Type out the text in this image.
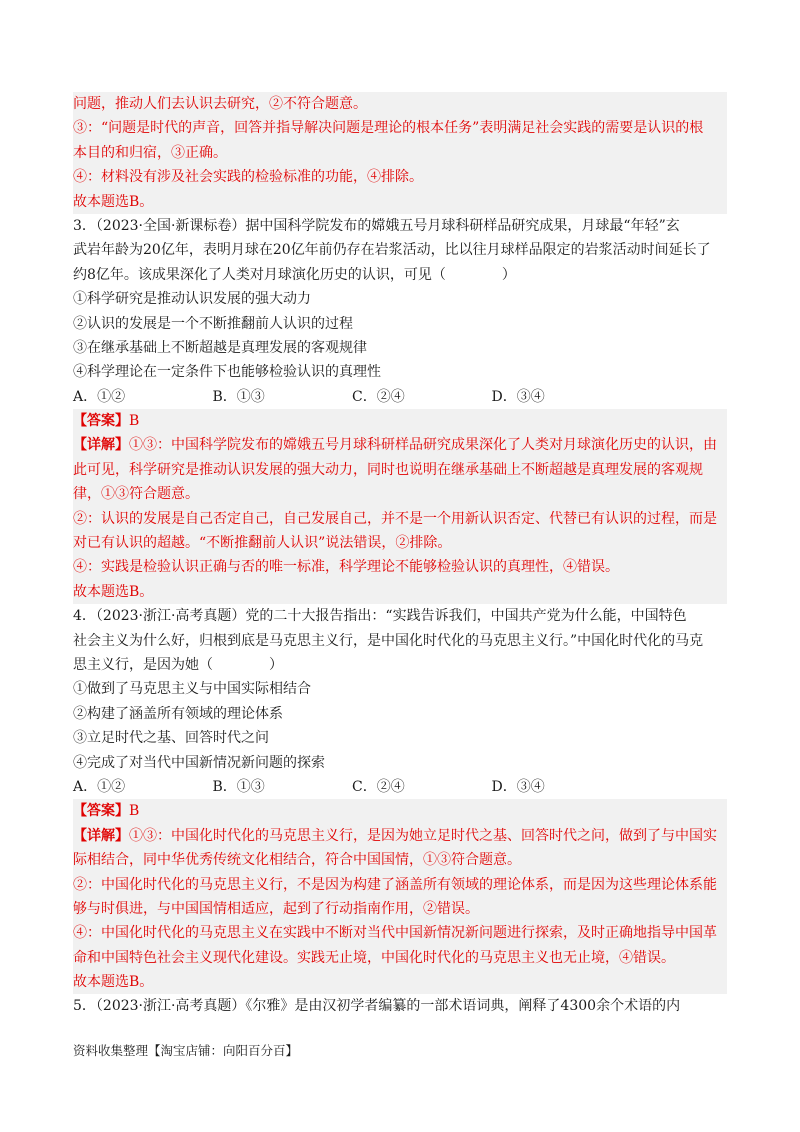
问题，推动人们去认识去研究，②不符合题意。
③：“问题是时代的声音，回答并指导解决问题是理论的根本任务”表明满足社会实践的需要是认识的根
本目的和归宿，③正确。
④：材料没有涉及社会实践的检验标准的功能，④排除。
故本题选B。
3．（2023·全国·新课标卷）据中国科学院发布的嫦娥五号月球科研样品研究成果，月球最“年轻”玄
武岩年龄为20亿年，表明月球在20亿年前仍存在岩浆活动，比以往月球样品限定的岩浆活动时间延长了
约8亿年。该成果深化了人类对月球演化历史的认识，可见（　　　　）
①科学研究是推动认识发展的强大动力
②认识的发展是一个不断推翻前人认识的过程
③在继承基础上不断超越是真理发展的客观规律
④科学理论在一定条件下也能够检验认识的真理性
A．①②	B．①③	C．②④	D．③④
【答案】B
【详解】①③：中国科学院发布的嫦娥五号月球科研样品研究成果深化了人类对月球演化历史的认识，由
此可见，科学研究是推动认识发展的强大动力，同时也说明在继承基础上不断超越是真理发展的客观规
律，①③符合题意。
②：认识的发展是自己否定自己，自己发展自己，并不是一个用新认识否定、代替已有认识的过程，而是
对已有认识的超越。“不断推翻前人认识”说法错误，②排除。
④：实践是检验认识正确与否的唯一标准，科学理论不能够检验认识的真理性，④错误。
故本题选B。
4．（2023·浙江·高考真题）党的二十大报告指出：“实践告诉我们，中国共产党为什么能，中国特色
社会主义为什么好，归根到底是马克思主义行，是中国化时代化的马克思主义行。”中国化时代化的马克
思主义行，是因为她（　　　　）
①做到了马克思主义与中国实际相结合
②构建了涵盖所有领域的理论体系
③立足时代之基、回答时代之问
④完成了对当代中国新情况新问题的探索
A．①②	B．①③	C．②④	D．③④
【答案】B
【详解】①③：中国化时代化的马克思主义行，是因为她立足时代之基、回答时代之问，做到了与中国实
际相结合，同中华优秀传统文化相结合，符合中国国情，①③符合题意。
②：中国化时代化的马克思主义行，不是因为构建了涵盖所有领域的理论体系，而是因为这些理论体系能
够与时俱进，与中国国情相适应，起到了行动指南作用，②错误。
④：中国化时代化的马克思主义在实践中不断对当代中国新情况新问题进行探索，及时正确地指导中国革
命和中国特色社会主义现代化建设。实践无止境，中国化时代化的马克思主义也无止境，④错误。
故本题选B。
5．（2023·浙江·高考真题）《尔雅》是由汉初学者编纂的一部术语词典，阐释了4300余个术语的内
资料收集整理【淘宝店铺：向阳百分百】
